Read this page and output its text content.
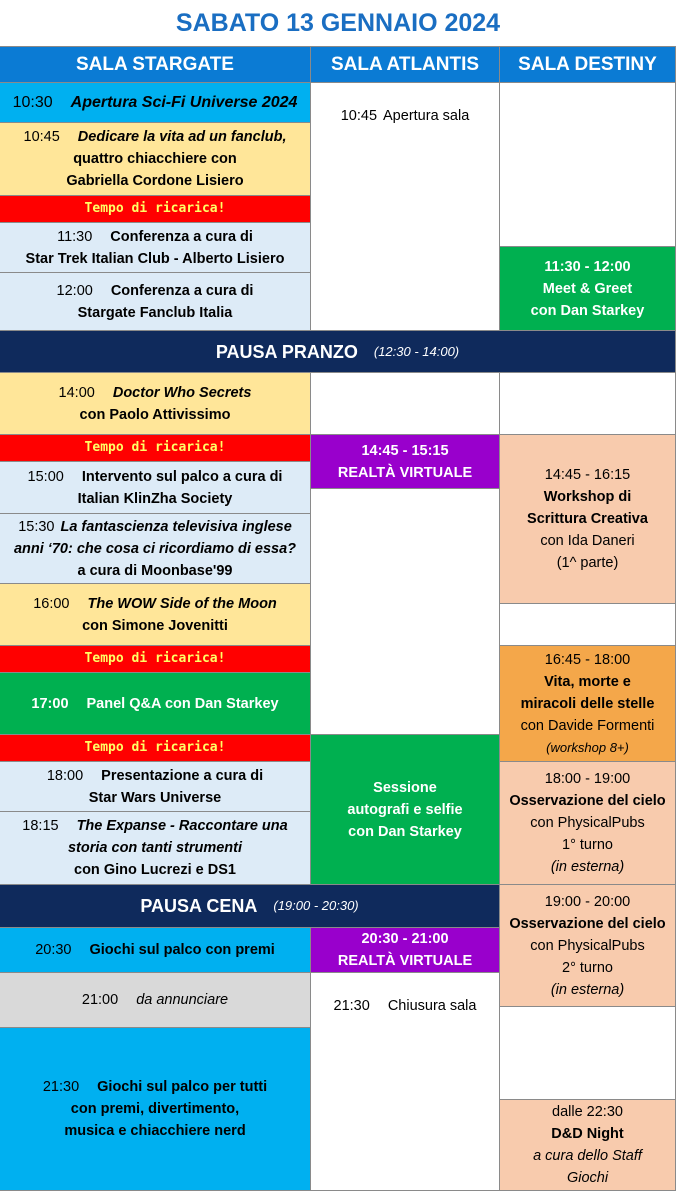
SABATO 13 GENNAIO 2024
SALA STARGATE	SALA ATLANTIS	SALA DESTINY
10:30 Apertura Sci-Fi Universe 2024
10:45 Dedicare la vita ad un fanclub,
quattro chiacchiere con
Gabriella Cordone Lisiero
Tempo di ricarica!
11:30 Conferenza a cura di
Star Trek Italian Club - Alberto Lisiero
12:00 Conferenza a cura di
Stargate Fanclub Italia
10:45 Apertura sala
11:30 - 12:00
Meet & Greet
con Dan Starkey
PAUSA PRANZO (12:30 - 14:00)
14:00 Doctor Who Secrets
con Paolo Attivissimo
Tempo di ricarica!
15:00 Intervento sul palco a cura di
Italian KlinZha Society
15:30 La fantascienza televisiva inglese
anni ‘70: che cosa ci ricordiamo di essa?
a cura di Moonbase'99
16:00 The WOW Side of the Moon
con Simone Jovenitti
Tempo di ricarica!
17:00 Panel Q&A con Dan Starkey
Tempo di ricarica!
18:00 Presentazione a cura di
Star Wars Universe
18:15 The Expanse - Raccontare una
storia con tanti strumenti
con Gino Lucrezi e DS1
14:45 - 15:15
REALTÀ VIRTUALE
Sessione
autografi e selfie
con Dan Starkey
14:45 - 16:15
Workshop di
Scrittura Creativa
con Ida Daneri
(1^ parte)
16:45 - 18:00
Vita, morte e
miracoli delle stelle
con Davide Formenti
(workshop 8+)
18:00 - 19:00
Osservazione del cielo
con PhysicalPubs
1° turno
(in esterna)
PAUSA CENA (19:00 - 20:30)
20:30 Giochi sul palco con premi
21:00 da annunciare
21:30 Giochi sul palco per tutti
con premi, divertimento,
musica e chiacchiere nerd
20:30 - 21:00
REALTÀ VIRTUALE
21:30 Chiusura sala
19:00 - 20:00
Osservazione del cielo
con PhysicalPubs
2° turno
(in esterna)
dalle 22:30
D&D Night
a cura dello Staff
Giochi
